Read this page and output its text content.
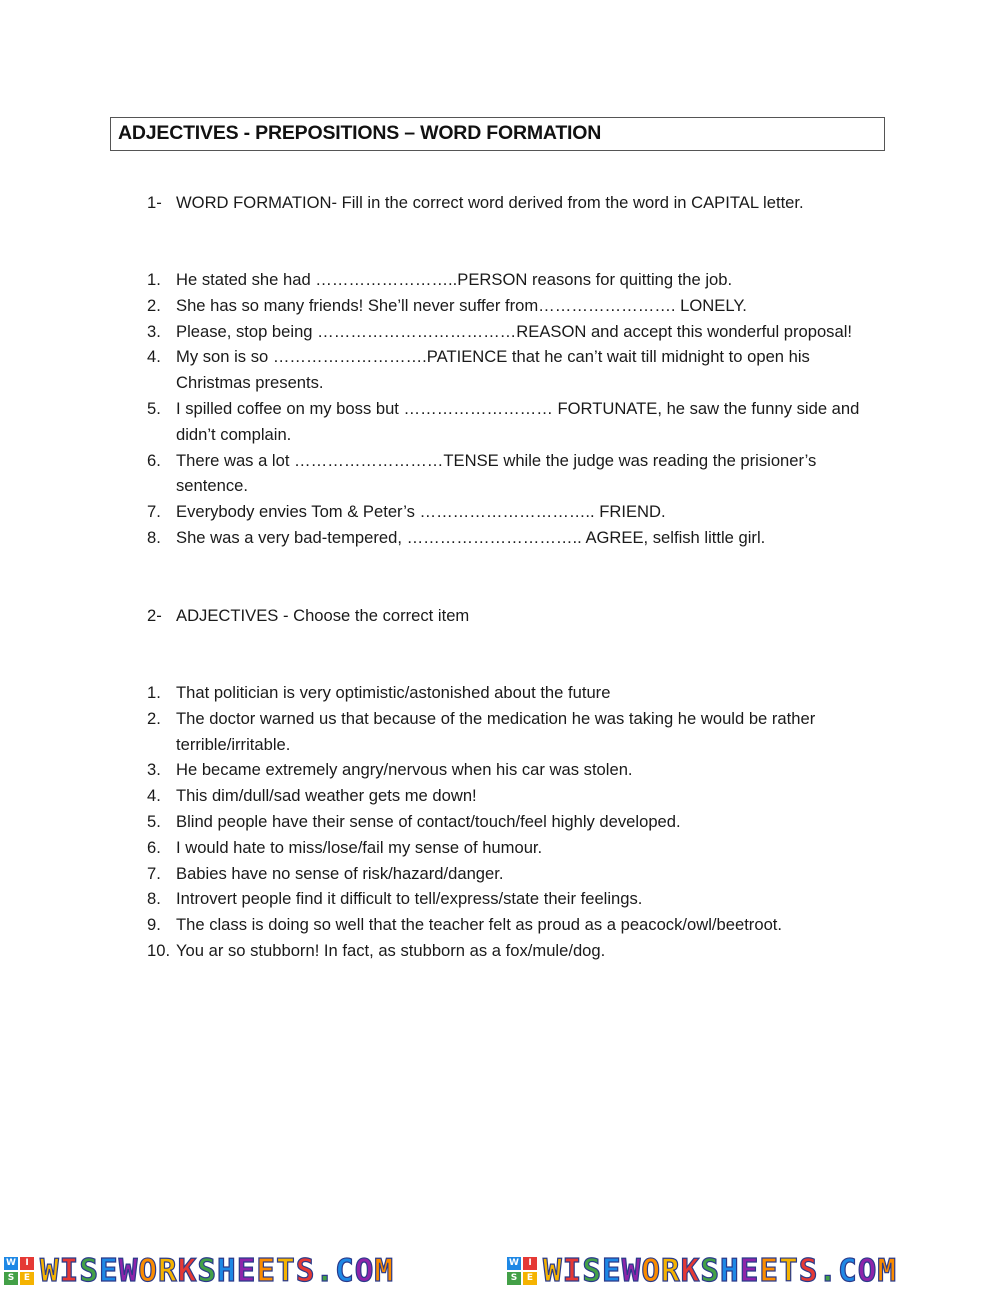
ADJECTIVES - PREPOSITIONS – WORD FORMATION
1- WORD FORMATION- Fill in the correct word derived from the word in CAPITAL letter.
1. He stated she had ……………………..PERSON reasons for quitting the job.
2. She has so many friends! She’ll never suffer from……………………. LONELY.
3. Please, stop being ………………………………REASON and accept this wonderful proposal!
4. My son is so ……………………….PATIENCE that he can’t wait till midnight to open his
Christmas presents.
5. I spilled coffee on my boss but ……………………… FORTUNATE, he saw the funny side and
didn’t complain.
6. There was a lot ………………………TENSE while the judge was reading the prisioner’s
sentence.
7. Everybody envies Tom & Peter’s ………………………….. FRIEND.
8. She was a very bad-tempered, ………………………….. AGREE, selfish little girl.
2- ADJECTIVES - Choose the correct item
1. That politician is very optimistic/astonished about the future
2. The doctor warned us that because of the medication he was taking he would be rather
terrible/irritable.
3. He became extremely angry/nervous when his car was stolen.
4. This dim/dull/sad weather gets me down!
5. Blind people have their sense of contact/touch/feel highly developed.
6. I would hate to miss/lose/fail my sense of humour.
7. Babies have no sense of risk/hazard/danger.
8. Introvert people find it difficult to tell/express/state their feelings.
9. The class is doing so well that the teacher felt as proud as a peacock/owl/beetroot.
10. You ar so stubborn! In fact, as stubborn as a fox/mule/dog.
W	I
S	E WISEWORKSHEETS.COM	W	I
S	E WISEWORKSHEETS.COM
